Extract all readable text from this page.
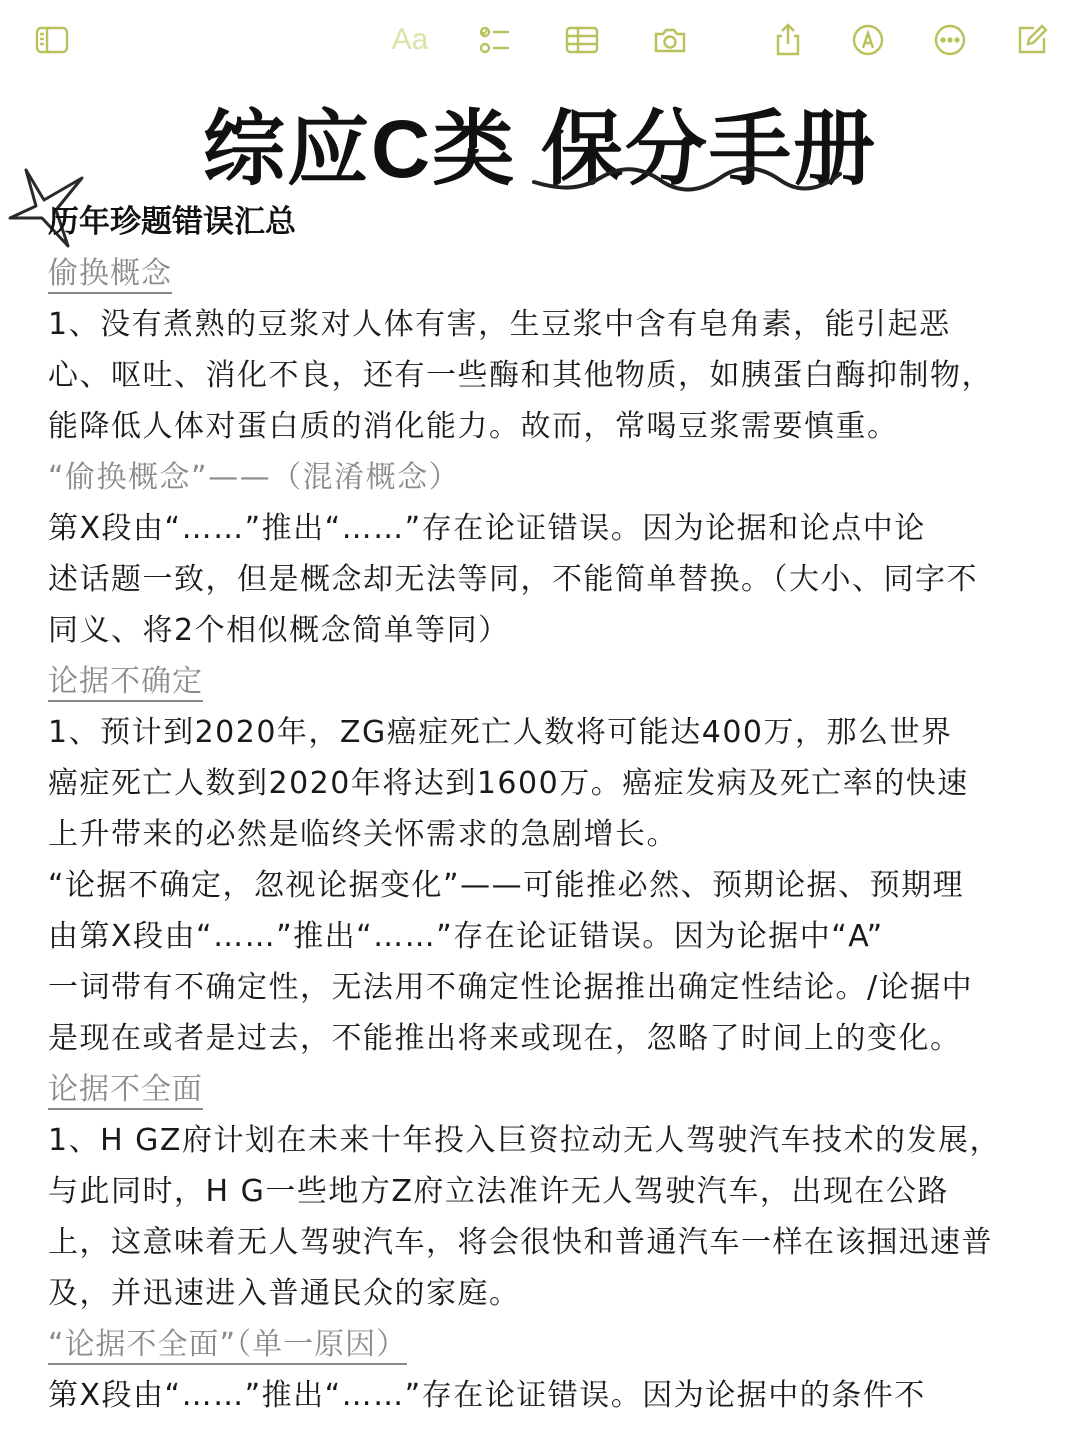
Aa
综应C类 保分手册
历年珍题错误汇总
偷换概念
1、没有煮熟的豆浆对人体有害，生豆浆中含有皂角素，能引起恶
心、呕吐、消化不良，还有一些酶和其他物质，如胰蛋白酶抑制物，
能降低人体对蛋白质的消化能力。故而，常喝豆浆需要慎重。
“偷换概念”——（混淆概念）
第X段由“……”推出“……”存在论证错误。因为论据和论点中论
述话题一致，但是概念却无法等同，不能简单替换。（大小、同字不
同义、将2个相似概念简单等同）
论据不确定
1、预计到2020年，ZG癌症死亡人数将可能达400万，那么世界
癌症死亡人数到2020年将达到1600万。癌症发病及死亡率的快速
上升带来的必然是临终关怀需求的急剧增长。
“论据不确定，忽视论据变化”——可能推必然、预期论据、预期理
由第X段由“……”推出“……”存在论证错误。因为论据中“A”
一词带有不确定性，无法用不确定性论据推出确定性结论。/论据中
是现在或者是过去，不能推出将来或现在，忽略了时间上的变化。
论据不全面
1、H GZ府计划在未来十年投入巨资拉动无人驾驶汽车技术的发展，
与此同时，H G一些地方Z府立法准许无人驾驶汽车，出现在公路
上，这意味着无人驾驶汽车，将会很快和普通汽车一样在该掴迅速普
及，并迅速进入普通民众的家庭。
“论据不全面”（单一原因）
第X段由“……”推出“……”存在论证错误。因为论据中的条件不
